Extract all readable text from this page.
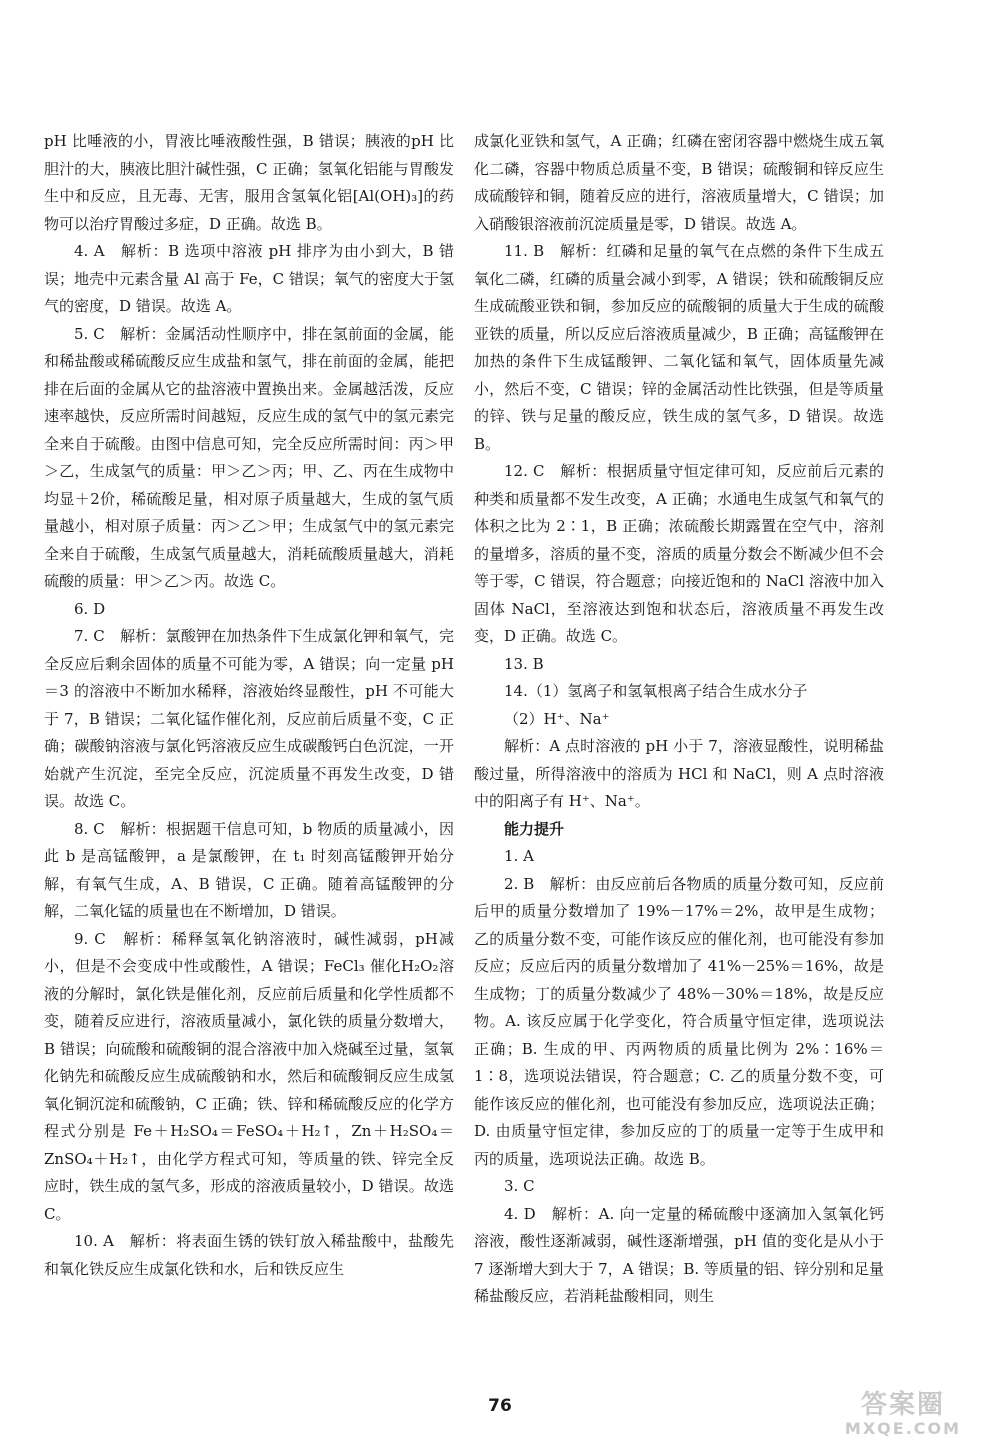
pH 比唾液的小，胃液比唾液酸性强，B 错误；胰液的pH 比胆汁的大，胰液比胆汁碱性强，C 正确；氢氧化铝能与胃酸发生中和反应，且无毒、无害，服用含氢氧化铝[Al(OH)₃]的药物可以治疗胃酸过多症，D 正确。故选 B。

4. A　解析：B 选项中溶液 pH 排序为由小到大，B 错误；地壳中元素含量 Al 高于 Fe，C 错误；氧气的密度大于氢气的密度，D 错误。故选 A。

5. C　解析：金属活动性顺序中，排在氢前面的金属，能和稀盐酸或稀硫酸反应生成盐和氢气，排在前面的金属，能把排在后面的金属从它的盐溶液中置换出来。金属越活泼，反应速率越快，反应所需时间越短，反应生成的氢气中的氢元素完全来自于硫酸。由图中信息可知，完全反应所需时间：丙＞甲＞乙，生成氢气的质量：甲＞乙＞丙；甲、乙、丙在生成物中均显＋2价，稀硫酸足量，相对原子质量越大，生成的氢气质量越小，相对原子质量：丙＞乙＞甲；生成氢气中的氢元素完全来自于硫酸，生成氢气质量越大，消耗硫酸质量越大，消耗硫酸的质量：甲＞乙＞丙。故选 C。

6. D

7. C　解析：氯酸钾在加热条件下生成氯化钾和氧气，完全反应后剩余固体的质量不可能为零，A 错误；向一定量 pH＝3 的溶液中不断加水稀释，溶液始终显酸性，pH 不可能大于 7，B 错误；二氧化锰作催化剂，反应前后质量不变，C 正确；碳酸钠溶液与氯化钙溶液反应生成碳酸钙白色沉淀，一开始就产生沉淀，至完全反应，沉淀质量不再发生改变，D 错误。故选 C。

8. C　解析：根据题干信息可知，b 物质的质量减小，因此 b 是高锰酸钾，a 是氯酸钾，在 t₁ 时刻高锰酸钾开始分解，有氧气生成，A、B 错误，C 正确。随着高锰酸钾的分解，二氧化锰的质量也在不断增加，D 错误。

9. C　解析：稀释氢氧化钠溶液时，碱性减弱，pH减小，但是不会变成中性或酸性，A 错误；FeCl₃ 催化H₂O₂溶液的分解时，氯化铁是催化剂，反应前后质量和化学性质都不变，随着反应进行，溶液质量减小，氯化铁的质量分数增大，B 错误；向硫酸和硫酸铜的混合溶液中加入烧碱至过量，氢氧化钠先和硫酸反应生成硫酸钠和水，然后和硫酸铜反应生成氢氧化铜沉淀和硫酸钠，C 正确；铁、锌和稀硫酸反应的化学方程式分别是 Fe＋H₂SO₄＝FeSO₄＋H₂↑，Zn＋H₂SO₄＝ZnSO₄＋H₂↑，由化学方程式可知，等质量的铁、锌完全反应时，铁生成的氢气多，形成的溶液质量较小，D 错误。故选 C。

10. A　解析：将表面生锈的铁钉放入稀盐酸中，盐酸先和氧化铁反应生成氯化铁和水，后和铁反应生

成氯化亚铁和氢气，A 正确；红磷在密闭容器中燃烧生成五氧化二磷，容器中物质总质量不变，B 错误；硫酸铜和锌反应生成硫酸锌和铜，随着反应的进行，溶液质量增大，C 错误；加入硝酸银溶液前沉淀质量是零，D 错误。故选 A。

11. B　解析：红磷和足量的氧气在点燃的条件下生成五氧化二磷，红磷的质量会减小到零，A 错误；铁和硫酸铜反应生成硫酸亚铁和铜，参加反应的硫酸铜的质量大于生成的硫酸亚铁的质量，所以反应后溶液质量减少，B 正确；高锰酸钾在加热的条件下生成锰酸钾、二氧化锰和氧气，固体质量先减小，然后不变，C 错误；锌的金属活动性比铁强，但是等质量的锌、铁与足量的酸反应，铁生成的氢气多，D 错误。故选 B。

12. C　解析：根据质量守恒定律可知，反应前后元素的种类和质量都不发生改变，A 正确；水通电生成氢气和氧气的体积之比为 2∶1，B 正确；浓硫酸长期露置在空气中，溶剂的量增多，溶质的量不变，溶质的质量分数会不断减少但不会等于零，C 错误，符合题意；向接近饱和的 NaCl 溶液中加入固体 NaCl，至溶液达到饱和状态后，溶液质量不再发生改变，D 正确。故选 C。

13. B

14.（1）氢离子和氢氧根离子结合生成水分子

（2）H⁺、Na⁺

解析：A 点时溶液的 pH 小于 7，溶液显酸性，说明稀盐酸过量，所得溶液中的溶质为 HCl 和 NaCl，则 A 点时溶液中的阳离子有 H⁺、Na⁺。

能力提升

1. A

2. B　解析：由反应前后各物质的质量分数可知，反应前后甲的质量分数增加了 19%－17%＝2%，故甲是生成物；乙的质量分数不变，可能作该反应的催化剂，也可能没有参加反应；反应后丙的质量分数增加了 41%－25%＝16%，故是生成物；丁的质量分数减少了 48%－30%＝18%，故是反应物。A. 该反应属于化学变化，符合质量守恒定律，选项说法正确；B. 生成的甲、丙两物质的质量比例为 2%∶16%＝1∶8，选项说法错误，符合题意；C. 乙的质量分数不变，可能作该反应的催化剂，也可能没有参加反应，选项说法正确；D. 由质量守恒定律，参加反应的丁的质量一定等于生成甲和丙的质量，选项说法正确。故选 B。

3. C

4. D　解析：A. 向一定量的稀硫酸中逐滴加入氢氧化钙溶液，酸性逐渐减弱，碱性逐渐增强，pH 值的变化是从小于 7 逐渐增大到大于 7，A 错误；B. 等质量的铝、锌分别和足量稀盐酸反应，若消耗盐酸相同，则生

76	答案圈
MXQE.COM
